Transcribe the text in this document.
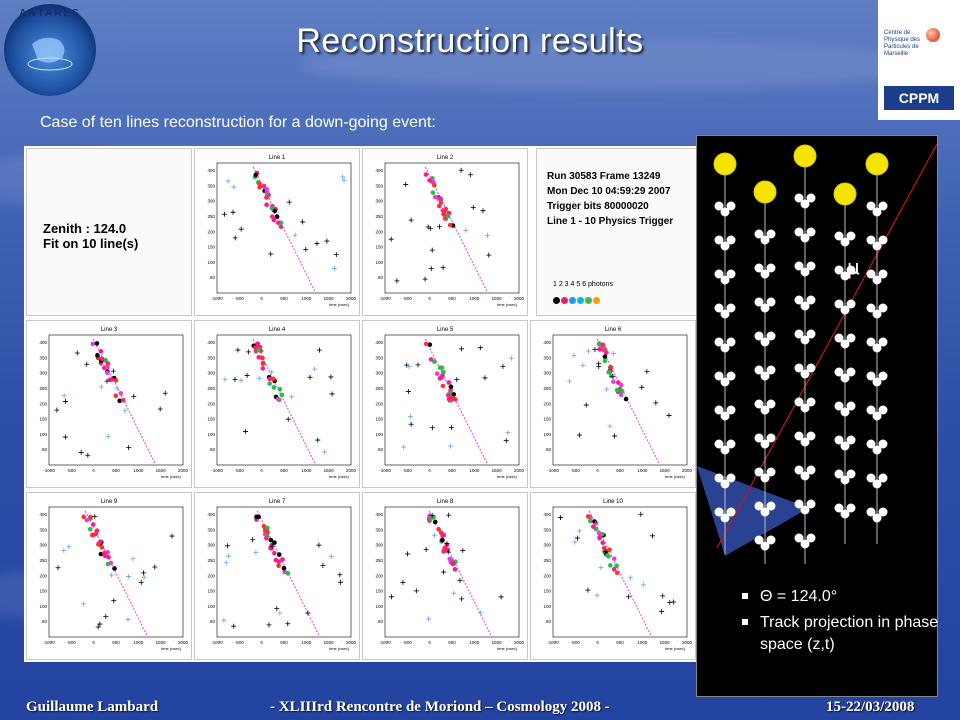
ANTARES
Centre de Physique des Particules de Marseille
CPPM
Reconstruction results
Case of ten lines reconstruction for a down-going event:
Zenith : 124.0
Fit on 10 line(s)
Run 30583 Frame 13249
Mon Dec 10 04:59:29 2007
Trigger bits 80000020
Line 1 - 10 Physics Trigger
1 2 3 4 5 6 photons
Line 1
-1000	-500	0	500	1000	1500	2000
50
100
150
200
250
300
350
400
time (nsec)
Line 2
-1000	-500	0	500	1000	1500	2000
50
100
150
200
250
300
350
400
time (nsec)
Line 3
-1000	-500	0	500	1000	1500	2000
50
100
150
200
250
300
350
400
time (nsec)
Line 4
-1000	-500	0	500	1000	1500	2000
50
100
150
200
250
300
350
400
time (nsec)
Line 5
-1000	-500	0	500	1000	1500	2000
50
100
150
200
250
300
350
400
time (nsec)
Line 6
-1000	-500	0	500	1000	1500	2000
50
100
150
200
250
300
350
400
time (nsec)
Line 9
-1000	-500	0	500	1000	1500	2000
50
100
150
200
250
300
350
400
time (nsec)
Line 7
-1000	-500	0	500	1000	1500	2000
50
100
150
200
250
300
350
400
time (nsec)
Line 8
-1000	-500	0	500	1000	1500	2000
50
100
150
200
250
300
350
400
time (nsec)
Line 10
-1000	-500	0	500	1000	1500	2000
50
100
150
200
250
300
350
400
time (nsec)
μ
Θ = 124.0°
Track projection in phase space (z,t)
Guillaume Lambard	- XLIIIrd Rencontre de Moriond – Cosmology 2008 -	15-22/03/2008
